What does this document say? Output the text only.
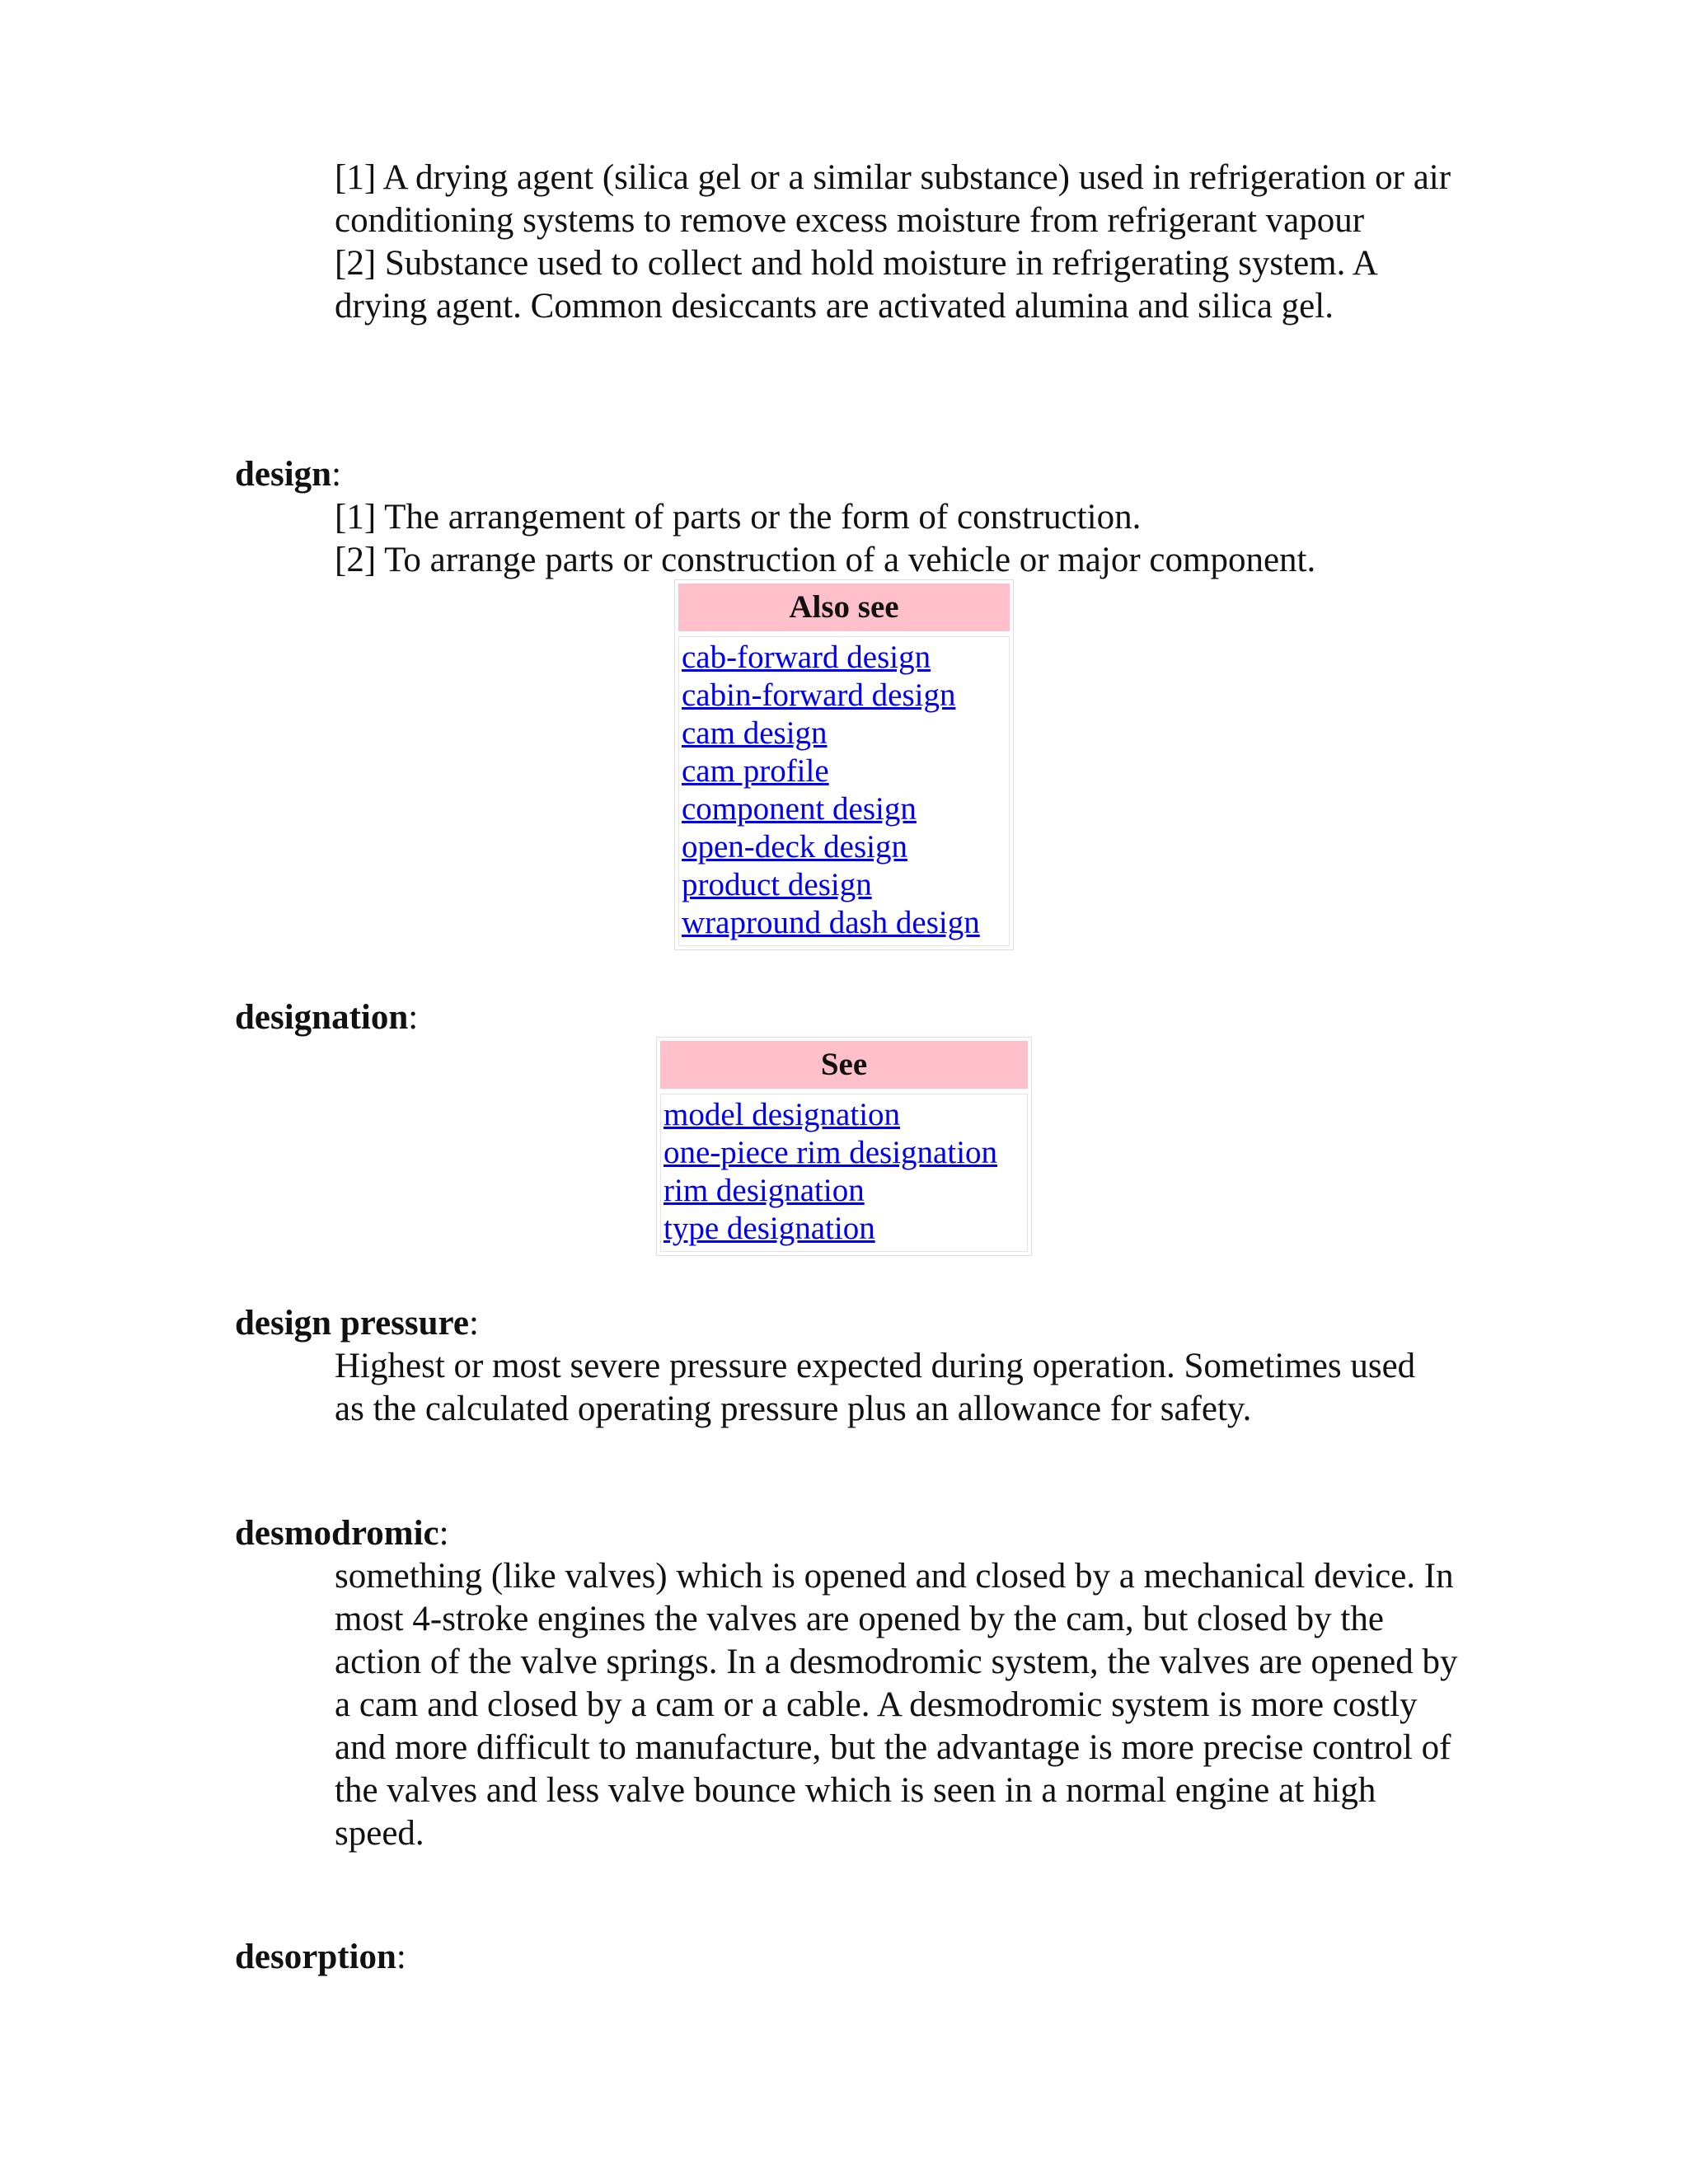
[1] A drying agent (silica gel or a similar substance) used in refrigeration or air conditioning systems to remove excess moisture from refrigerant vapour

[2] Substance used to collect and hold moisture in refrigerating system. A drying agent. Common desiccants are activated alumina and silica gel.

design:

[1] The arrangement of parts or the form of construction.

[2] To arrange parts or construction of a vehicle or major component.

Also see
cab-forward design
cabin-forward design
cam design
cam profile
component design
open-deck design
product design
wrapround dash design
designation:
See
model designation
one-piece rim designation
rim designation
type designation
design pressure:

Highest or most severe pressure expected during operation. Sometimes used as the calculated operating pressure plus an allowance for safety.

desmodromic:

something (like valves) which is opened and closed by a mechanical device. In most 4-stroke engines the valves are opened by the cam, but closed by the action of the valve springs. In a desmodromic system, the valves are opened by a cam and closed by a cam or a cable. A desmodromic system is more costly and more difficult to manufacture, but the advantage is more precise control of the valves and less valve bounce which is seen in a normal engine at high speed.

desorption:
